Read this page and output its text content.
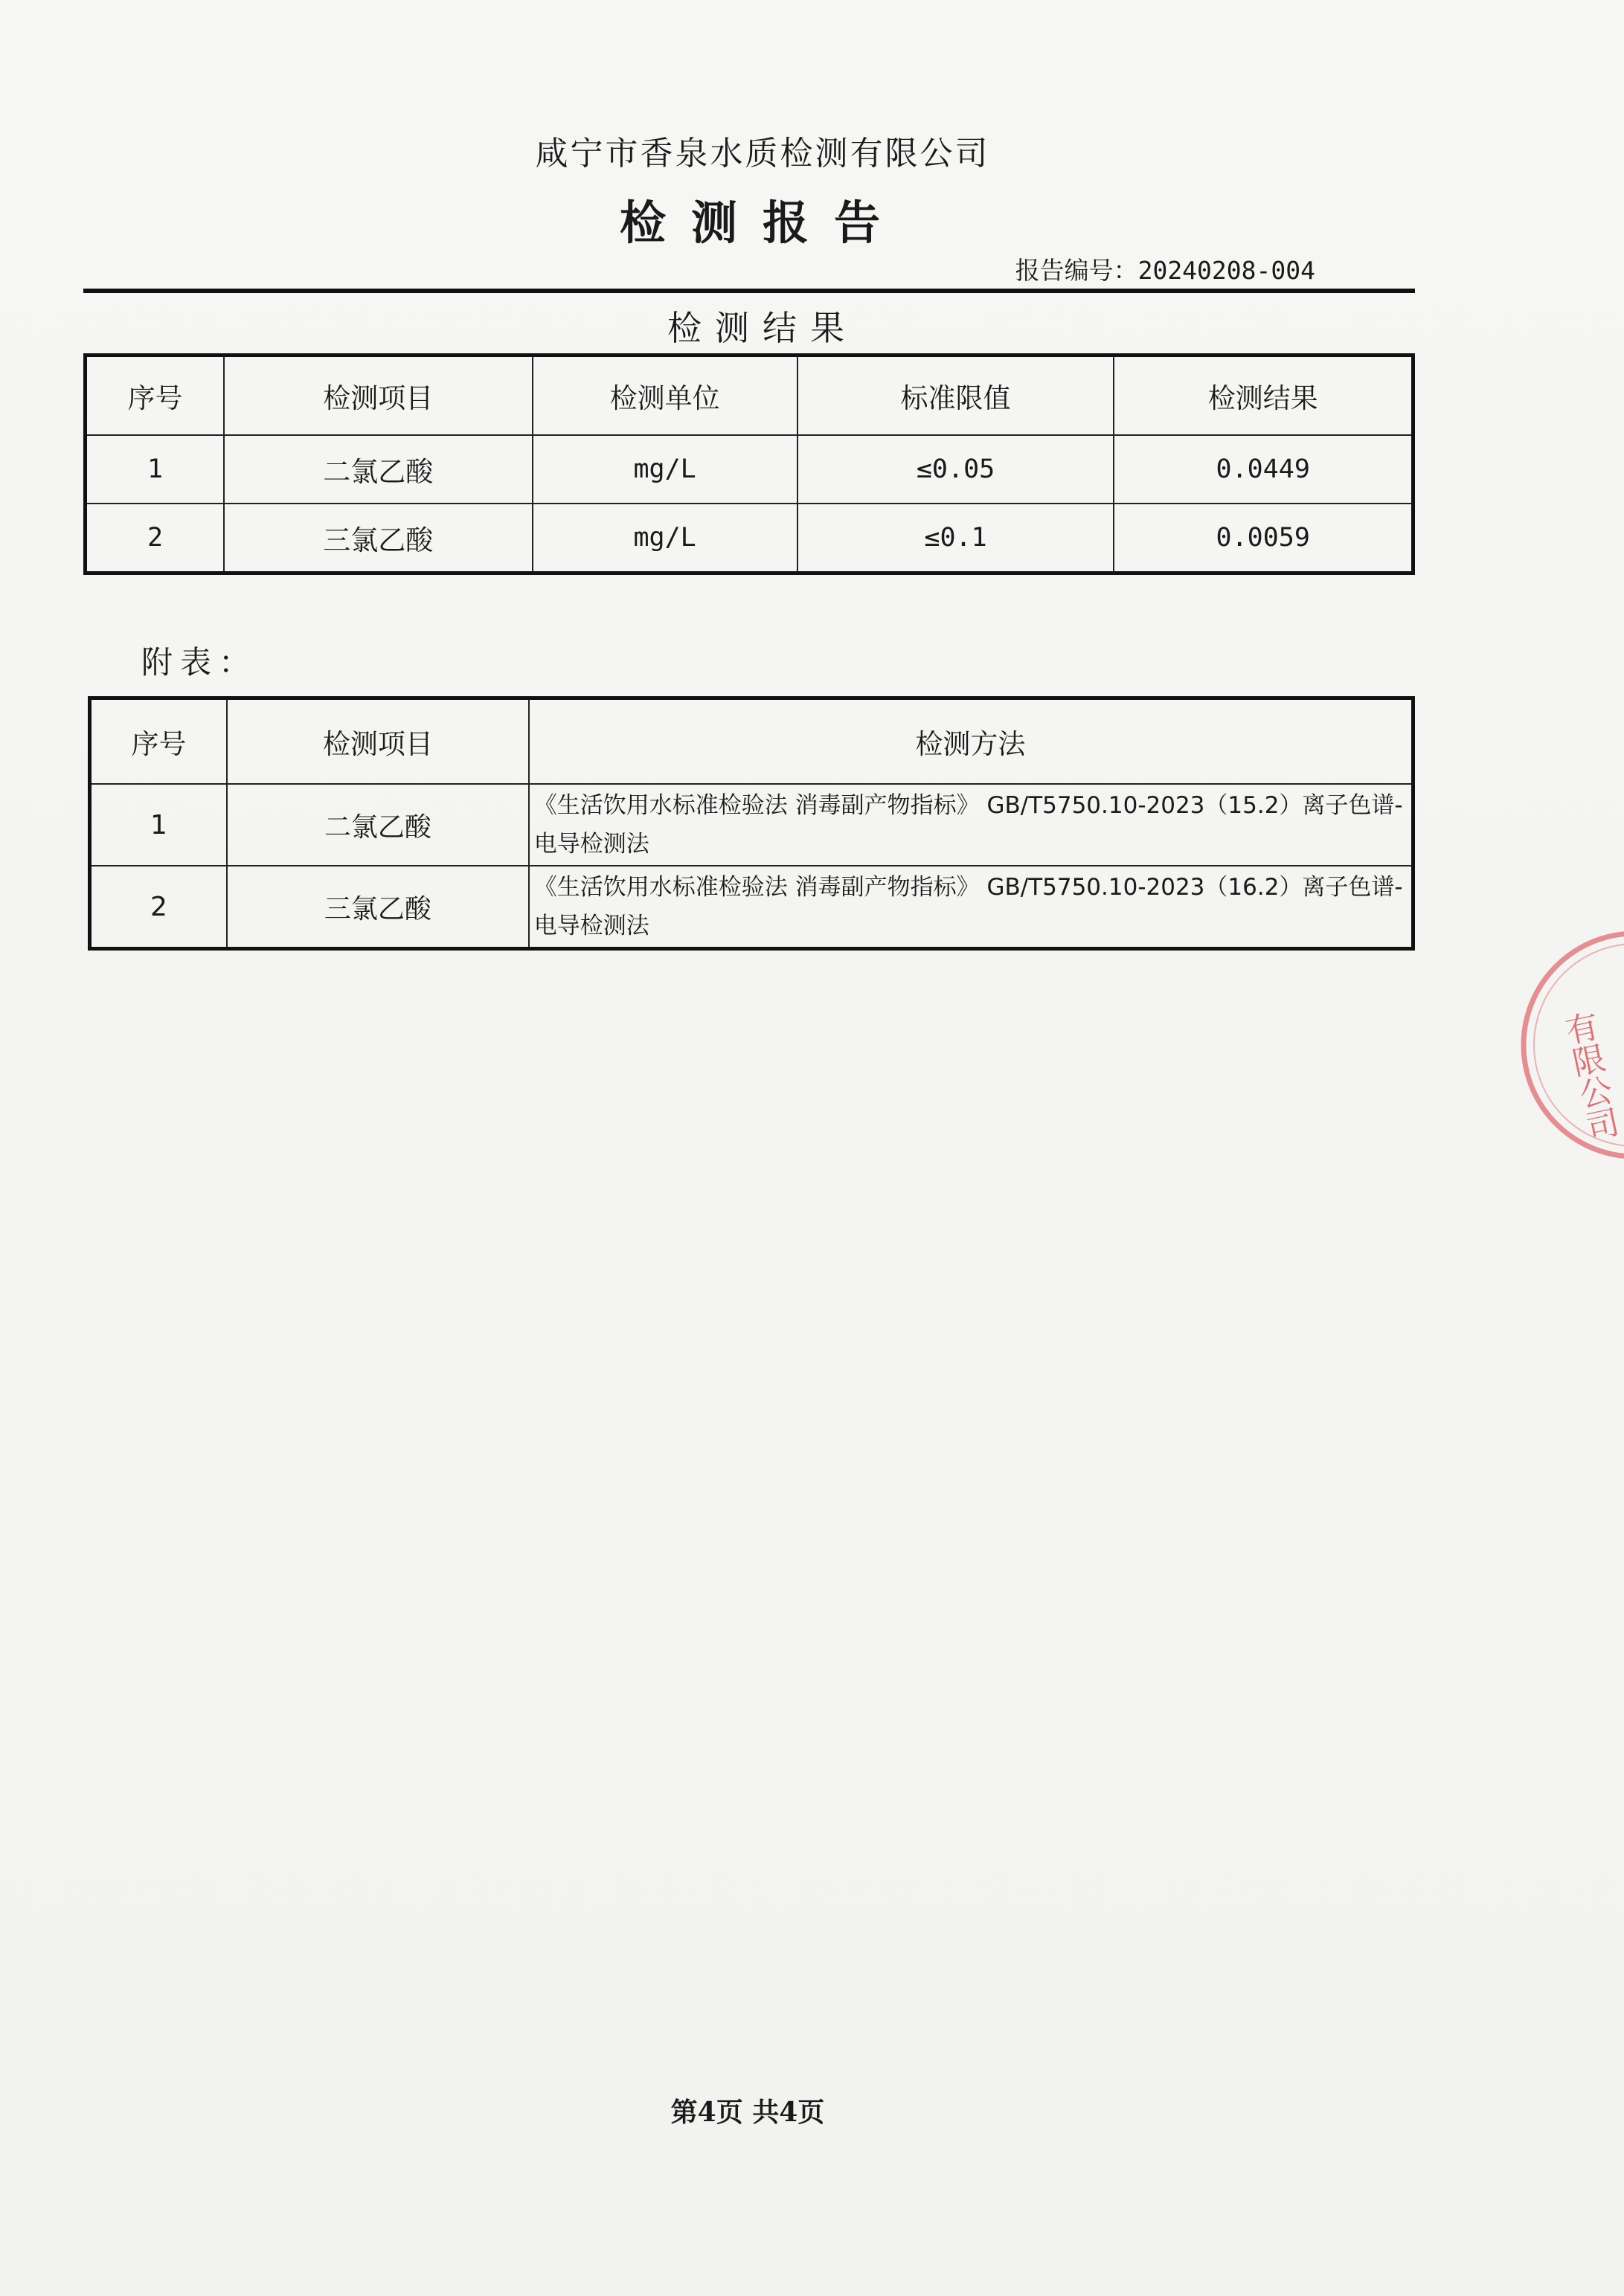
咸宁市香泉水质检测有限公司
检测报告
报告编号：20240208-004
检测结果
序号	检测项目	检测单位	标准限值	检测结果
1	二氯乙酸	mg/L	≤0.05	0.0449
2	三氯乙酸	mg/L	≤0.1	0.0059
附表：
序号	检测项目	检测方法
1	二氯乙酸	《生活饮用水标准检验法 消毒副产物指标》 GB/T5750.10-2023（15.2）离子色谱-电导检测法
2	三氯乙酸	《生活饮用水标准检验法 消毒副产物指标》 GB/T5750.10-2023（16.2）离子色谱-电导检测法
有限公司
第4页 共4页
